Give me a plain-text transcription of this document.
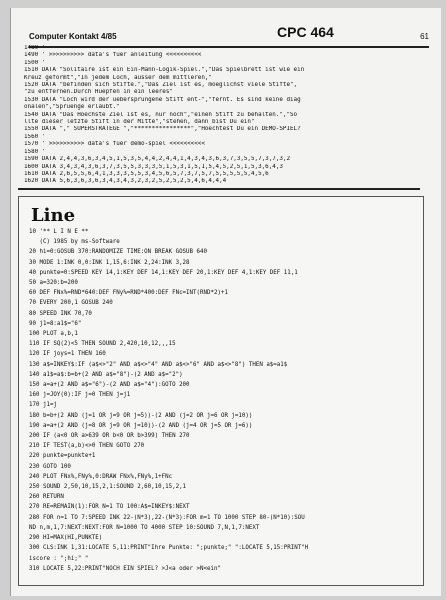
Computer Kontakt 4/85	CPC 464	61
1480 '
1490 ' >>>>>>>>>> data's fuer anleitung <<<<<<<<<<
1500 '
1510 DATA "Solitaire ist ein Ein-Mann-Logik-Spiel.","Das Spielbrett ist wie ein
Kreuz geformt","In jedem Loch, ausser dem mittleren,"
1520 DATA "befinden sich Stifte.","Das Ziel ist es, moeglichst viele Stifte",
"zu entfernen.Durch Huepfen in ein leeres"
1530 DATA "Loch wird der uebersprungene Stift ent-","fernt. Es sind keine diag
onalen","Spruenge erlaubt."
1540 DATA "Das Hoechste Ziel ist es, nur noch","einen Stift zu behalten.","So
llte dieser letzte Stift in der Mitte","stehen, dann bist Du ein"
1550 DATA "," SUPERSTRATEGE ","****************","Hoechtest Du ein DEMO-SPIEL?
1560 '
1570 ' >>>>>>>>>> data's fuer demo-spiel <<<<<<<<<<
1580 '
1590 DATA 2,4,4,3,6,3,4,5,1,5,3,5,4,4,2,4,4,1,4,3,4,3,6,3,7,3,5,5,7,3,7,3,2
1600 DATA 3,4,3,4,3,6,3,7,3,5,5,3,3,3,5,1,5,3,1,5,1,5,4,5,2,5,1,5,3,6,4,3
1610 DATA 2,6,5,5,6,4,1,3,3,3,5,5,3,4,5,6,5,7,3,7,5,7,5,5,5,5,5,4,5,6
1620 DATA 5,6,3,6,3,6,3,4,3,4,3,2,3,2,5,2,5,2,5,4,6,4,4,4
Line
10 '** L I N E **
(C) 1985 by ms-Software
20 hi=0:GOSUB 370:RANDOMIZE TIME:ON BREAK GOSUB 640
30 MODE 1:INK 0,0:INK 1,15,6:INK 2,24:INK 3,28
40 punkte=0:SPEED KEY 14,1:KEY DEF 14,1:KEY DEF 20,1:KEY DEF 4,1:KEY DEF 11,1
50 a=320:b=200
60 DEF FNx%=RND*640:DEF FNy%=RND*400:DEF FNc=INT(RND*2)+1
70 EVERY 200,1 GOSUB 240
80 SPEED INK 70,70
90 j1=8:a1$="6"
100 PLOT a,b,1
110 IF SQ(2)<5 THEN SOUND 2,420,10,12,,,15
120 IF joys=1 THEN 160
130 a$=INKEY$:IF (a$<>"2" AND a$<>"4" AND a$<>"6" AND a$<>"8") THEN a$=a1$
140 a1$=a$:b=b+(2 AND a$="8")-(2 AND a$="2")
150 a=a+(2 AND a$="6")-(2 AND a$="4"):GOTO 200
160 j=JOY(0):IF j=0 THEN j=j1
170 j1=j
180 b=b+(2 AND (j=1 OR j=9 OR j=5))-(2 AND (j=2 OR j=6 OR j=10))
190 a=a+(2 AND (j=8 OR j=9 OR j=10))-(2 AND (j=4 OR j=5 OR j=6))
200 IF (a<0 OR a>639 OR b<0 OR b>399) THEN 270
210 IF TEST(a,b)<>0 THEN GOTO 270
220 punkte=punkte+1
230 GOTO 100
240 PLOT FNx%,FNy%,0:DRAW FNx%,FNy%,1+FNc
250 SOUND 2,50,10,15,2,1:SOUND 2,60,10,15,2,1
260 RETURN
270 RE=REMAIN(1):FOR N=1 TO 100:A$=INKEY$:NEXT
280 FOR n=1 TO 7:SPEED INK 22-(N*3),22-(N*3):FOR m=1 TO 1000 STEP 80-(N*10):SOU
ND n,m,1,7:NEXT:NEXT:FOR N=1000 TO 4000 STEP 10:SOUND 7,N,1,7:NEXT
290 HI=MAX(HI,PUNKTE)
300 CLS:INK 1,31:LOCATE 5,11:PRINT"Ihre Punkte: ";punkte;" ":LOCATE 5,15:PRINT"H
iscore : ";hi;" "
310 LOCATE 5,22:PRINT"NOCH EIN SPIEL? >J<a oder >N<ein"
